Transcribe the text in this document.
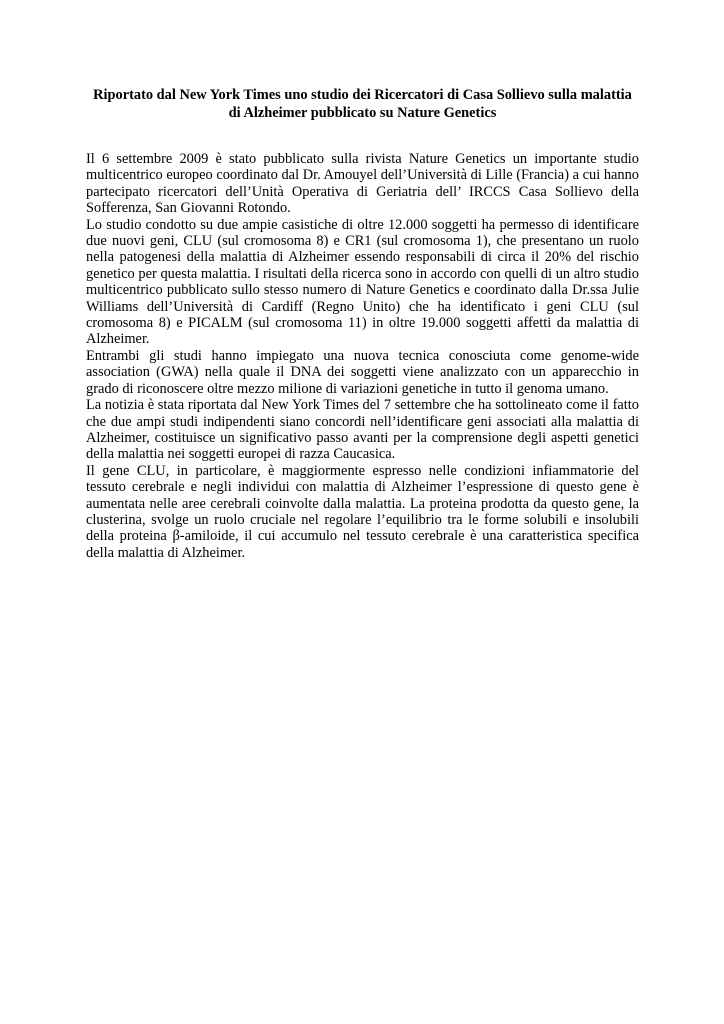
Riportato dal New York Times uno studio dei Ricercatori di Casa Sollievo sulla malattia di Alzheimer pubblicato su Nature Genetics

Il 6 settembre 2009 è stato pubblicato sulla rivista Nature Genetics un importante studio multicentrico europeo coordinato dal Dr. Amouyel dell’Università di Lille (Francia) a cui hanno partecipato ricercatori dell’Unità Operativa di Geriatria dell’ IRCCS Casa Sollievo della Sofferenza, San Giovanni Rotondo.

Lo studio condotto su due ampie casistiche di oltre 12.000 soggetti ha permesso di identificare due nuovi geni, CLU (sul cromosoma 8) e CR1 (sul cromosoma 1), che presentano un ruolo nella patogenesi della malattia di Alzheimer essendo responsabili di circa il 20% del rischio genetico per questa malattia. I risultati della ricerca sono in accordo con quelli di un altro studio multicentrico pubblicato sullo stesso numero di Nature Genetics e coordinato dalla Dr.ssa Julie Williams dell’Università di Cardiff (Regno Unito) che ha identificato i geni CLU (sul cromosoma 8) e PICALM (sul cromosoma 11) in oltre 19.000 soggetti affetti da malattia di Alzheimer.

Entrambi gli studi hanno impiegato una nuova tecnica conosciuta come genome-wide association (GWA) nella quale il DNA dei soggetti viene analizzato con un apparecchio in grado di riconoscere oltre mezzo milione di variazioni genetiche in tutto il genoma umano.

La notizia è stata riportata dal New York Times del 7 settembre che ha sottolineato come il fatto che due ampi studi indipendenti siano concordi nell’identificare geni associati alla malattia di Alzheimer, costituisce un significativo passo avanti per la comprensione degli aspetti genetici della malattia nei soggetti europei di razza Caucasica.

Il gene CLU, in particolare, è maggiormente espresso nelle condizioni infiammatorie del tessuto cerebrale e negli individui con malattia di Alzheimer l’espressione di questo gene è aumentata nelle aree cerebrali coinvolte dalla malattia. La proteina prodotta da questo gene, la clusterina, svolge un ruolo cruciale nel regolare l’equilibrio tra le forme solubili e insolubili della proteina β-amiloide, il cui accumulo nel tessuto cerebrale è una caratteristica specifica della malattia di Alzheimer.
